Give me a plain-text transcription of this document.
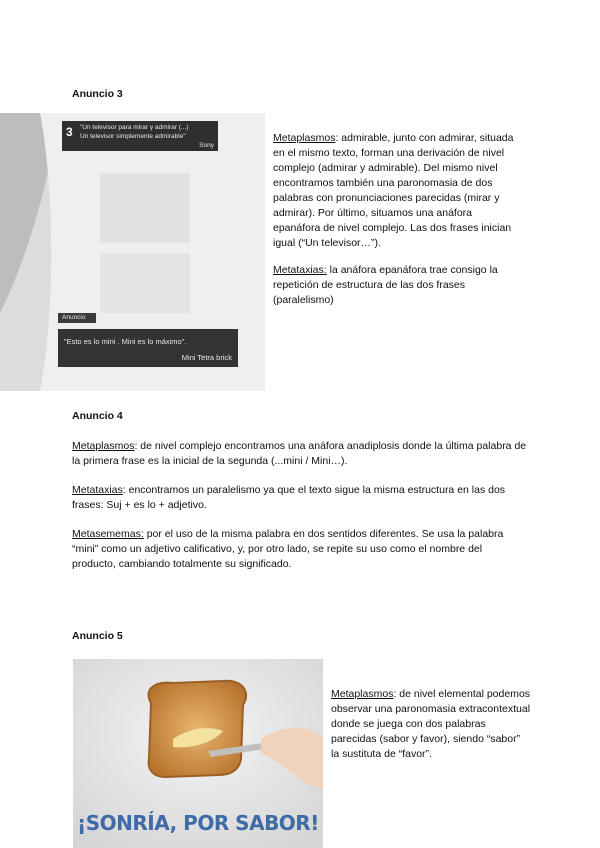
Anuncio 3
3 "Un televisor para mirar y admirar (...)
Un televisor simplemente admirable"
Sony
Anuncio
"Esto es lo mini . Mini es lo máximo".
Mini Tetra brick
Metaplasmos: admirable, junto con admirar, situada en el mismo texto, forman una derivación de nivel complejo (admirar y admirable). Del mismo nivel encontramos también una paronomasia de dos palabras con pronunciaciones parecidas (mirar y admirar). Por último, situamos una anáfora epanáfora de nivel complejo. Las dos frases inician igual (“Un televisor…”).
Metataxias: la anáfora epanáfora trae consigo la repetición de estructura de las dos frases (paralelismo)
Anuncio 4
Metaplasmos: de nivel complejo encontramos una anáfora anadiplosis donde la última palabra de la primera frase es la inicial de la segunda (...mini / Mini…).
Metataxias: encontramos un paralelismo ya que el texto sigue la misma estructura en las dos frases: Suj + es lo + adjetivo.
Metasememas: por el uso de la misma palabra en dos sentidos diferentes. Se usa la palabra “mini” como un adjetivo calificativo, y, por otro lado, se repite su uso como el nombre del producto, cambiando totalmente su significado.
Anuncio 5
¡SONRÍA, POR SABOR!
Metaplasmos: de nivel elemental podemos observar una paronomasia extracontextual donde se juega con dos palabras parecidas (sabor y favor), siendo “sabor” la sustituta de “favor”.
